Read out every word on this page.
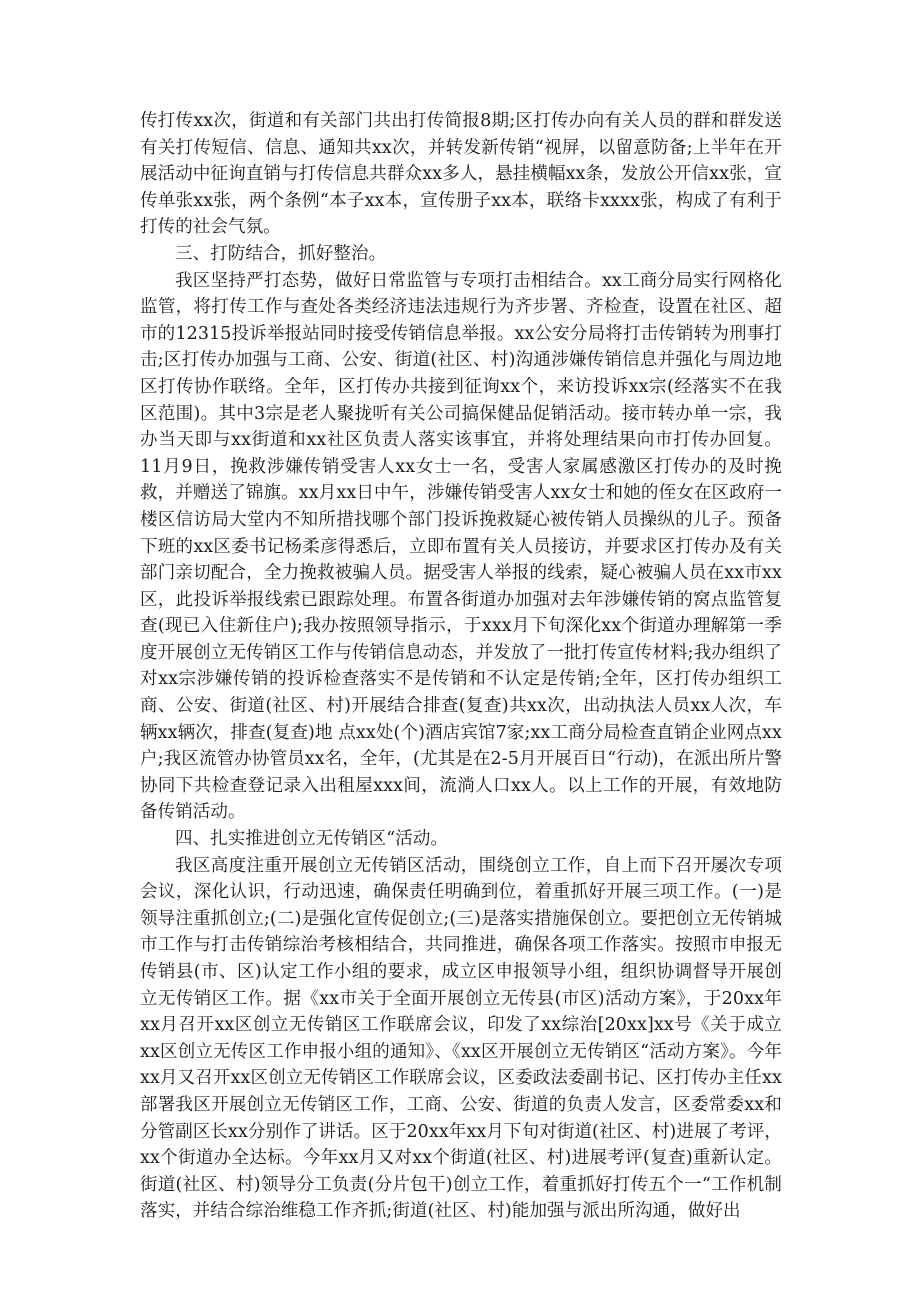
传打传xx次，街道和有关部门共出打传简报8期;区打传办向有关人员的群和群发送有关打传短信、信息、通知共xx次，并转发新传销“视屏，以留意防备;上半年在开展活动中征询直销与打传信息共群众xx多人，悬挂横幅xx条，发放公开信xx张，宣传单张xx张，两个条例“本子xx本，宣传册子xx本，联络卡xxxx张，构成了有利于打传的社会气氛。

三、打防结合，抓好整治。

我区坚持严打态势，做好日常监管与专项打击相结合。xx工商分局实行网格化监管，将打传工作与查处各类经济违法违规行为齐步署、齐检查，设置在社区、超市的12315投诉举报站同时接受传销信息举报。xx公安分局将打击传销转为刑事打击;区打传办加强与工商、公安、街道(社区、村)沟通涉嫌传销信息并强化与周边地区打传协作联络。全年，区打传办共接到征询xx个，来访投诉xx宗(经落实不在我区范围)。其中3宗是老人聚拢听有关公司搞保健品促销活动。接市转办单一宗，我办当天即与xx街道和xx社区负责人落实该事宜，并将处理结果向市打传办回复。11月9日，挽救涉嫌传销受害人xx女士一名，受害人家属感激区打传办的及时挽救，并赠送了锦旗。xx月xx日中午，涉嫌传销受害人xx女士和她的侄女在区政府一楼区信访局大堂内不知所措找哪个部门投诉挽救疑心被传销人员操纵的儿子。预备下班的xx区委书记杨柔彦得悉后，立即布置有关人员接访，并要求区打传办及有关部门亲切配合，全力挽救被骗人员。据受害人举报的线索，疑心被骗人员在xx市xx区，此投诉举报线索已跟踪处理。布置各街道办加强对去年涉嫌传销的窝点监管复查(现已入住新住户);我办按照领导指示，于xxx月下旬深化xx个街道办理解第一季度开展创立无传销区工作与传销信息动态，并发放了一批打传宣传材料;我办组织了对xx宗涉嫌传销的投诉检查落实不是传销和不认定是传销;全年，区打传办组织工商、公安、街道(社区、村)开展结合排查(复查)共xx次，出动执法人员xx人次，车辆xx辆次，排查(复查)地 点xx处(个)酒店宾馆7家;xx工商分局检查直销企业网点xx户;我区流管办协管员xx名，全年，(尤其是在2-5月开展百日“行动)，在派出所片警协同下共检查登记录入出租屋xxx间，流淌人口xx人。以上工作的开展，有效地防备传销活动。

四、扎实推进创立无传销区“活动。

我区高度注重开展创立无传销区活动，围绕创立工作，自上而下召开屡次专项会议，深化认识，行动迅速，确保责任明确到位，着重抓好开展三项工作。(一)是领导注重抓创立;(二)是强化宣传促创立;(三)是落实措施保创立。要把创立无传销城市工作与打击传销综治考核相结合，共同推进，确保各项工作落实。按照市申报无传销县(市、区)认定工作小组的要求，成立区申报领导小组，组织协调督导开展创立无传销区工作。据《xx市关于全面开展创立无传县(市区)活动方案》，于20xx年xx月召开xx区创立无传销区工作联席会议，印发了xx综治[20xx]xx号《关于成立xx区创立无传区工作申报小组的通知》、《xx区开展创立无传销区“活动方案》。今年xx月又召开xx区创立无传销区工作联席会议，区委政法委副书记、区打传办主任xx部署我区开展创立无传销区工作，工商、公安、街道的负责人发言，区委常委xx和分管副区长xx分别作了讲话。区于20xx年xx月下旬对街道(社区、村)进展了考评，xx个街道办全达标。今年xx月又对xx个街道(社区、村)进展考评(复查)重新认定。街道(社区、村)领导分工负责(分片包干)创立工作，着重抓好打传五个一“工作机制落实，并结合综治维稳工作齐抓;街道(社区、村)能加强与派出所沟通，做好出
